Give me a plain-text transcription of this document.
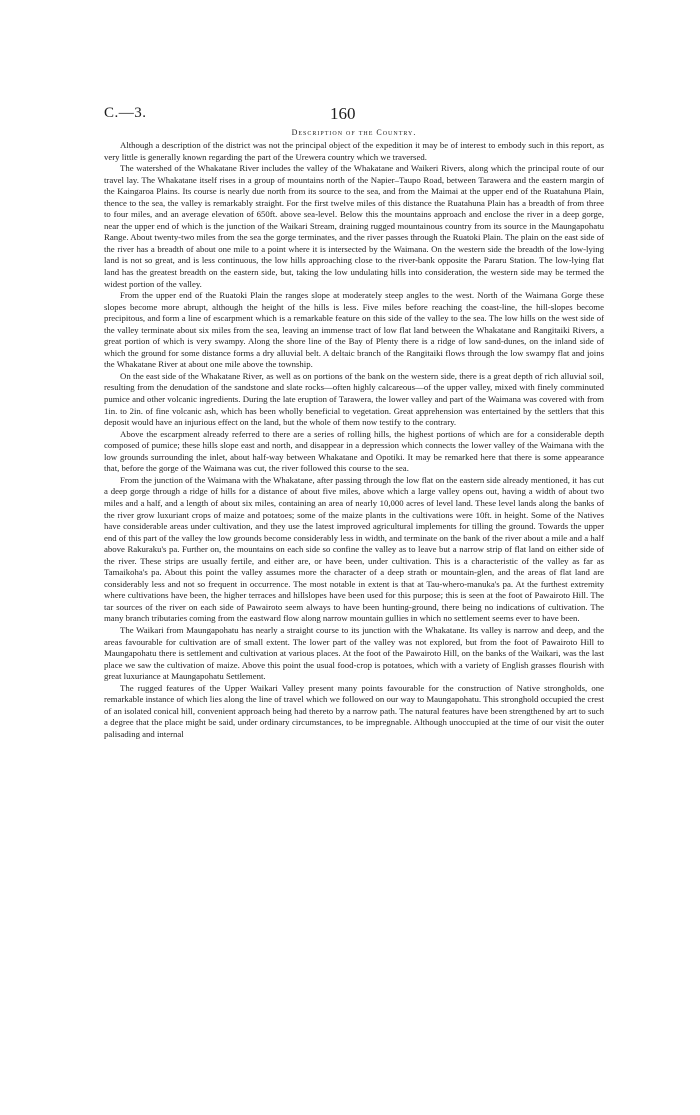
C.—3.	160
Description of the Country.

Although a description of the district was not the principal object of the expedition it may be of interest to embody such in this report, as very little is generally known regarding the part of the Urewera country which we traversed.

The watershed of the Whakatane River includes the valley of the Whakatane and Waikeri Rivers, along which the principal route of our travel lay. The Whakatane itself rises in a group of mountains north of the Napier–Taupo Road, between Tarawera and the eastern margin of the Kaingaroa Plains. Its course is nearly due north from its source to the sea, and from the Maimai at the upper end of the Ruatahuna Plain, thence to the sea, the valley is remarkably straight. For the first twelve miles of this distance the Ruatahuna Plain has a breadth of from three to four miles, and an average elevation of 650ft. above sea-level. Below this the mountains approach and enclose the river in a deep gorge, near the upper end of which is the junction of the Waikari Stream, draining rugged mountainous country from its source in the Maungapohatu Range. About twenty-two miles from the sea the gorge terminates, and the river passes through the Ruatoki Plain. The plain on the east side of the river has a breadth of about one mile to a point where it is intersected by the Waimana. On the western side the breadth of the low-lying land is not so great, and is less continuous, the low hills approaching close to the river-bank opposite the Pararu Station. The low-lying flat land has the greatest breadth on the eastern side, but, taking the low undulating hills into consideration, the western side may be termed the widest portion of the valley.

From the upper end of the Ruatoki Plain the ranges slope at moderately steep angles to the west. North of the Waimana Gorge these slopes become more abrupt, although the height of the hills is less. Five miles before reaching the coast-line, the hill-slopes become precipitous, and form a line of escarpment which is a remarkable feature on this side of the valley to the sea. The low hills on the west side of the valley terminate about six miles from the sea, leaving an immense tract of low flat land between the Whakatane and Rangitaiki Rivers, a great portion of which is very swampy. Along the shore line of the Bay of Plenty there is a ridge of low sand-dunes, on the inland side of which the ground for some distance forms a dry alluvial belt. A deltaic branch of the Rangitaiki flows through the low swampy flat and joins the Whakatane River at about one mile above the township.

On the east side of the Whakatane River, as well as on portions of the bank on the western side, there is a great depth of rich alluvial soil, resulting from the denudation of the sandstone and slate rocks—often highly calcareous—of the upper valley, mixed with finely comminuted pumice and other volcanic ingredients. During the late eruption of Tarawera, the lower valley and part of the Waimana was covered with from 1in. to 2in. of fine volcanic ash, which has been wholly beneficial to vegetation. Great apprehension was entertained by the settlers that this deposit would have an injurious effect on the land, but the whole of them now testify to the contrary.

Above the escarpment already referred to there are a series of rolling hills, the highest portions of which are for a considerable depth composed of pumice; these hills slope east and north, and disappear in a depression which connects the lower valley of the Waimana with the low grounds surrounding the inlet, about half-way between Whakatane and Opotiki. It may be remarked here that there is some appearance that, before the gorge of the Waimana was cut, the river followed this course to the sea.

From the junction of the Waimana with the Whakatane, after passing through the low flat on the eastern side already mentioned, it has cut a deep gorge through a ridge of hills for a distance of about five miles, above which a large valley opens out, having a width of about two miles and a half, and a length of about six miles, containing an area of nearly 10,000 acres of level land. These level lands along the banks of the river grow luxuriant crops of maize and potatoes; some of the maize plants in the cultivations were 10ft. in height. Some of the Natives have considerable areas under cultivation, and they use the latest improved agricultural implements for tilling the ground. Towards the upper end of this part of the valley the low grounds become considerably less in width, and terminate on the bank of the river about a mile and a half above Rakuraku's pa. Further on, the mountains on each side so confine the valley as to leave but a narrow strip of flat land on either side of the river. These strips are usually fertile, and either are, or have been, under cultivation. This is a characteristic of the valley as far as Tamaikoha's pa. About this point the valley assumes more the character of a deep strath or mountain-glen, and the areas of flat land are considerably less and not so frequent in occurrence. The most notable in extent is that at Tau-whero-manuka's pa. At the furthest extremity where cultivations have been, the higher terraces and hillslopes have been used for this purpose; this is seen at the foot of Pawairoto Hill. The tar sources of the river on each side of Pawairoto seem always to have been hunting-ground, there being no indications of cultivation. The many branch tributaries coming from the eastward flow along narrow mountain gullies in which no settlement seems ever to have been.

The Waikari from Maungapohatu has nearly a straight course to its junction with the Whakatane. Its valley is narrow and deep, and the areas favourable for cultivation are of small extent. The lower part of the valley was not explored, but from the foot of Pawairoto Hill to Maungapohatu there is settlement and cultivation at various places. At the foot of the Pawairoto Hill, on the banks of the Waikari, was the last place we saw the cultivation of maize. Above this point the usual food-crop is potatoes, which with a variety of English grasses flourish with great luxuriance at Maungapohatu Settlement.

The rugged features of the Upper Waikari Valley present many points favourable for the construction of Native strongholds, one remarkable instance of which lies along the line of travel which we followed on our way to Maungapohatu. This stronghold occupied the crest of an isolated conical hill, convenient approach being had thereto by a narrow path. The natural features have been strengthened by art to such a degree that the place might be said, under ordinary circumstances, to be impregnable. Although unoccupied at the time of our visit the outer palisading and internal
